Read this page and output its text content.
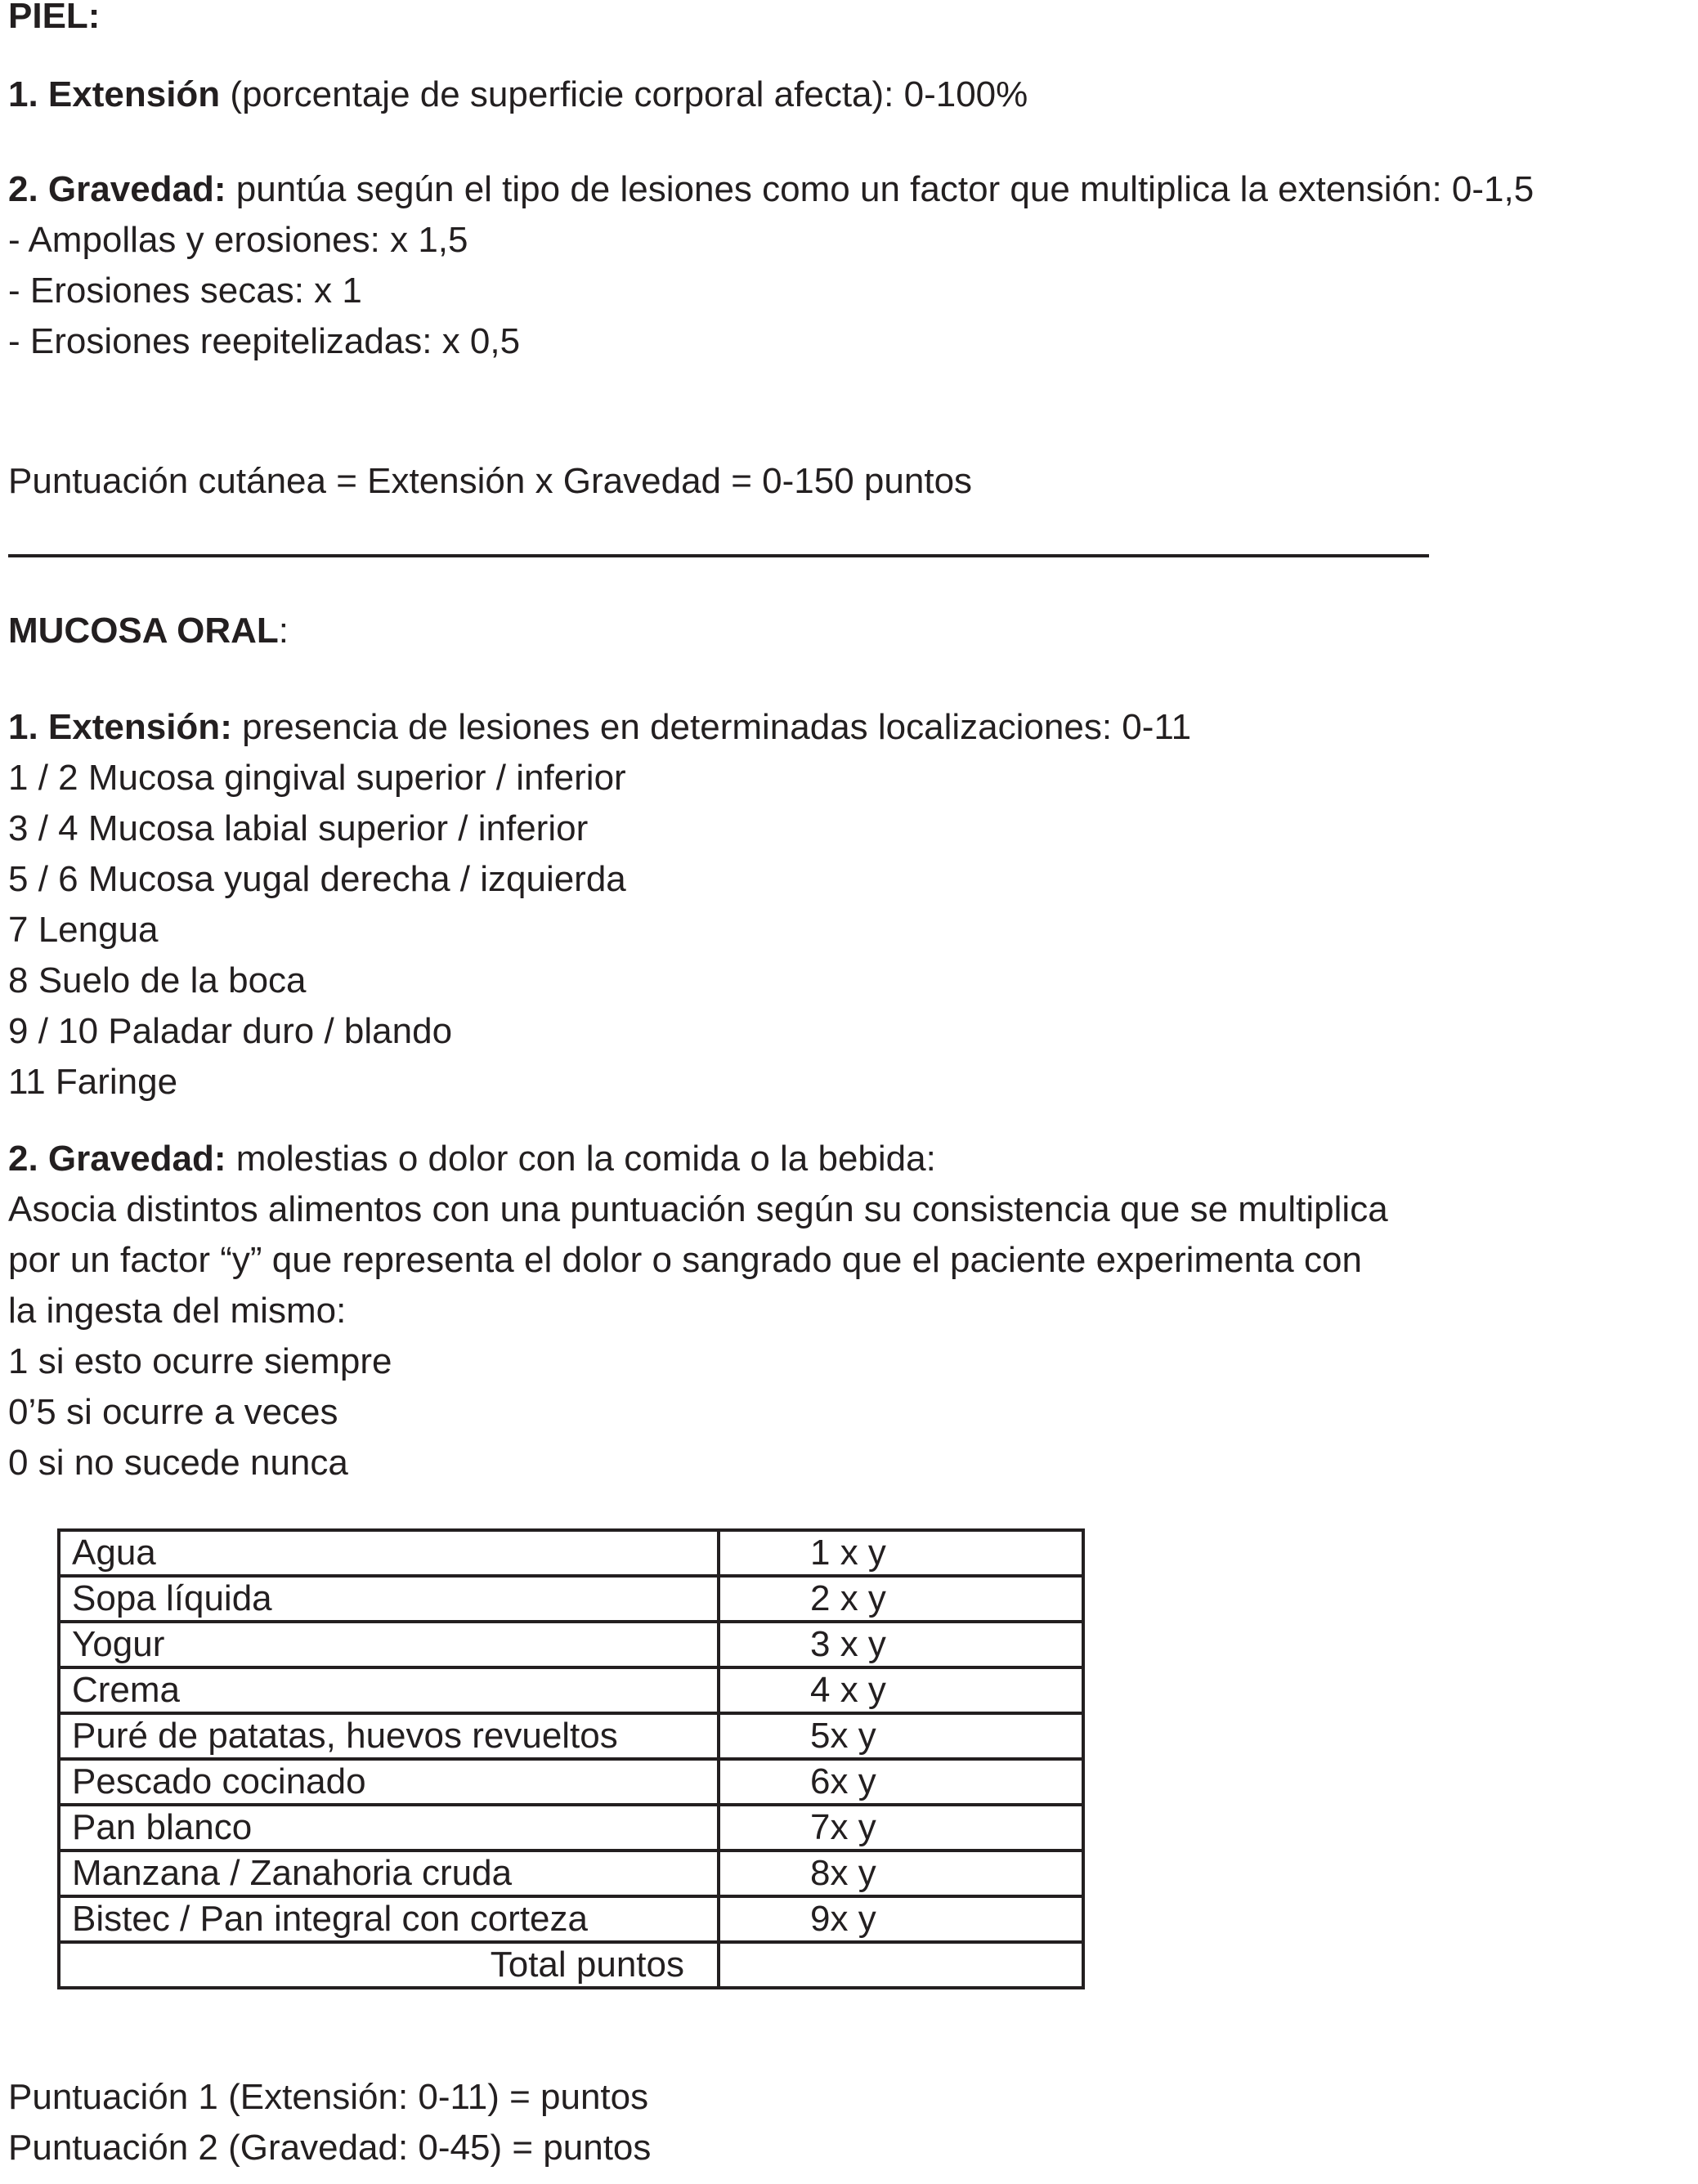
PIEL:
1. Extensión (porcentaje de superficie corporal afecta): 0-100%
2. Gravedad: puntúa según el tipo de lesiones como un factor que multiplica la extensión: 0-1,5
- Ampollas y erosiones: x 1,5
- Erosiones secas: x 1
- Erosiones reepitelizadas: x 0,5
Puntuación cutánea = Extensión x Gravedad = 0-150 puntos
MUCOSA ORAL:
1. Extensión: presencia de lesiones en determinadas localizaciones: 0-11
1 / 2 Mucosa gingival superior / inferior
3 / 4 Mucosa labial superior / inferior
5 / 6 Mucosa yugal derecha / izquierda
7 Lengua
8 Suelo de la boca
9 / 10 Paladar duro / blando
11 Faringe
2. Gravedad: molestias o dolor con la comida o la bebida:
Asocia distintos alimentos con una puntuación según su consistencia que se multiplica
por un factor “y” que representa el dolor o sangrado que el paciente experimenta con
la ingesta del mismo:
1 si esto ocurre siempre
0’5 si ocurre a veces
0 si no sucede nunca
Agua	1 x y
Sopa líquida	2 x y
Yogur	3 x y
Crema	4 x y
Puré de patatas, huevos revueltos	5x y
Pescado cocinado	6x y
Pan blanco	7x y
Manzana / Zanahoria cruda	8x y
Bistec / Pan integral con corteza	9x y
Total puntos	
Puntuación 1 (Extensión: 0-11) = puntos
Puntuación 2 (Gravedad: 0-45) = puntos
